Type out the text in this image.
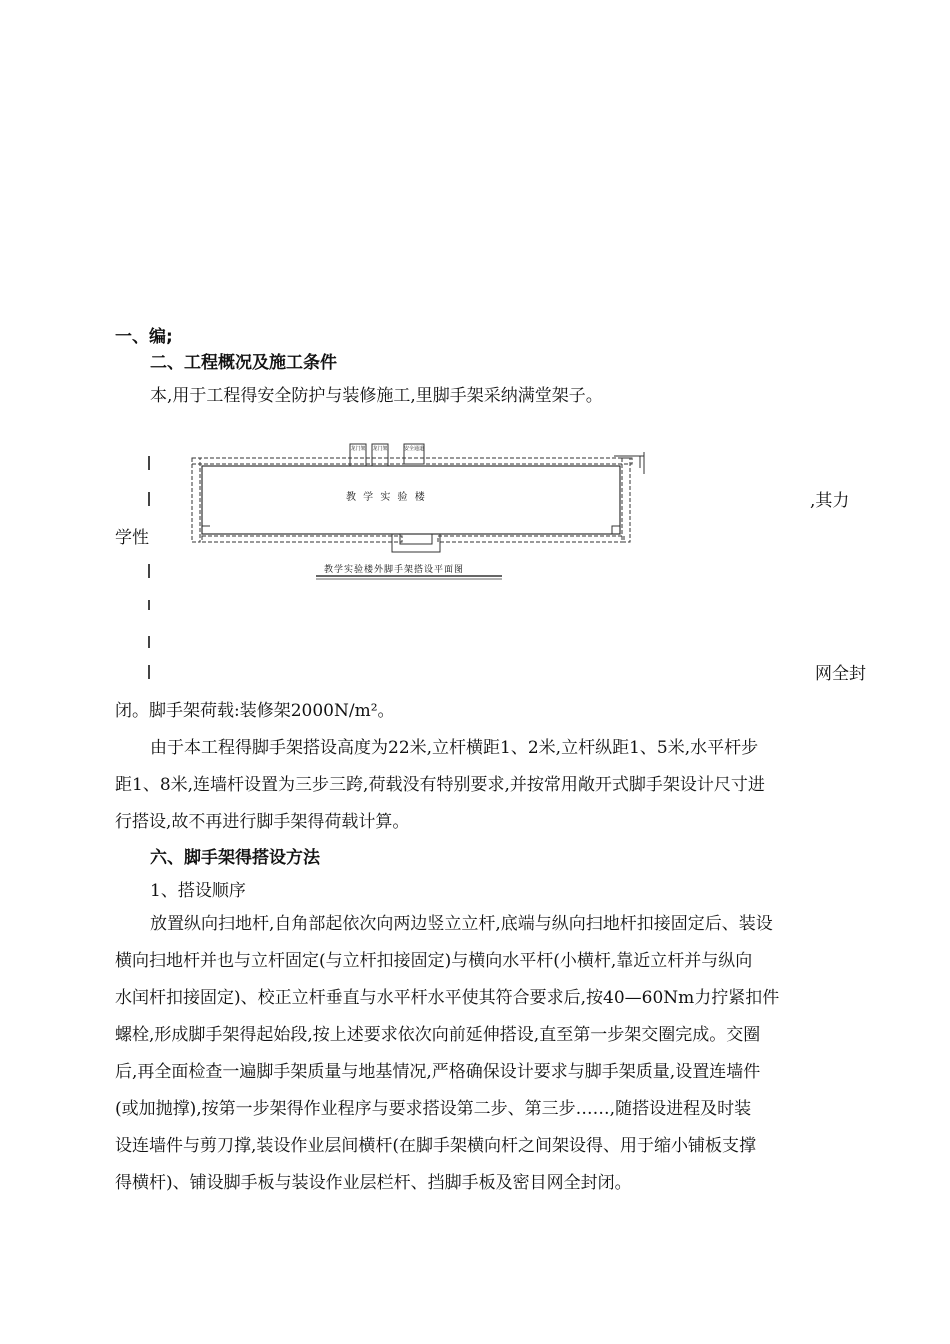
一、编;
二、工程概况及施工条件
本,用于工程得安全防护与装修施工,里脚手架采纳满堂架子。
,其力
学性
网全封
龙门架 龙门架	安全通道
教 学 实 验 楼
教学实验楼外脚手架搭设平面图
闭。脚手架荷载:装修架2000N/m²。
由于本工程得脚手架搭设高度为22米,立杆横距1、2米,立杆纵距1、5米,水平杆步
距1、8米,连墙杆设置为三步三跨,荷载没有特别要求,并按常用敞开式脚手架设计尺寸进
行搭设,故不再进行脚手架得荷载计算。
六、脚手架得搭设方法
1、搭设顺序
放置纵向扫地杆,自角部起依次向两边竖立立杆,底端与纵向扫地杆扣接固定后、装设
横向扫地杆并也与立杆固定(与立杆扣接固定)与横向水平杆(小横杆,靠近立杆并与纵向
水闰杆扣接固定)、校正立杆垂直与水平杆水平使其符合要求后,按40—60Nm力拧紧扣件
螺栓,形成脚手架得起始段,按上述要求依次向前延伸搭设,直至第一步架交圈完成。交圈
后,再全面检查一遍脚手架质量与地基情况,严格确保设计要求与脚手架质量,设置连墙件
(或加抛撑),按第一步架得作业程序与要求搭设第二步、第三步……,随搭设进程及时装
设连墙件与剪刀撑,装设作业层间横杆(在脚手架横向杆之间架设得、用于缩小铺板支撑
得横杆)、铺设脚手板与装设作业层栏杆、挡脚手板及密目网全封闭。
